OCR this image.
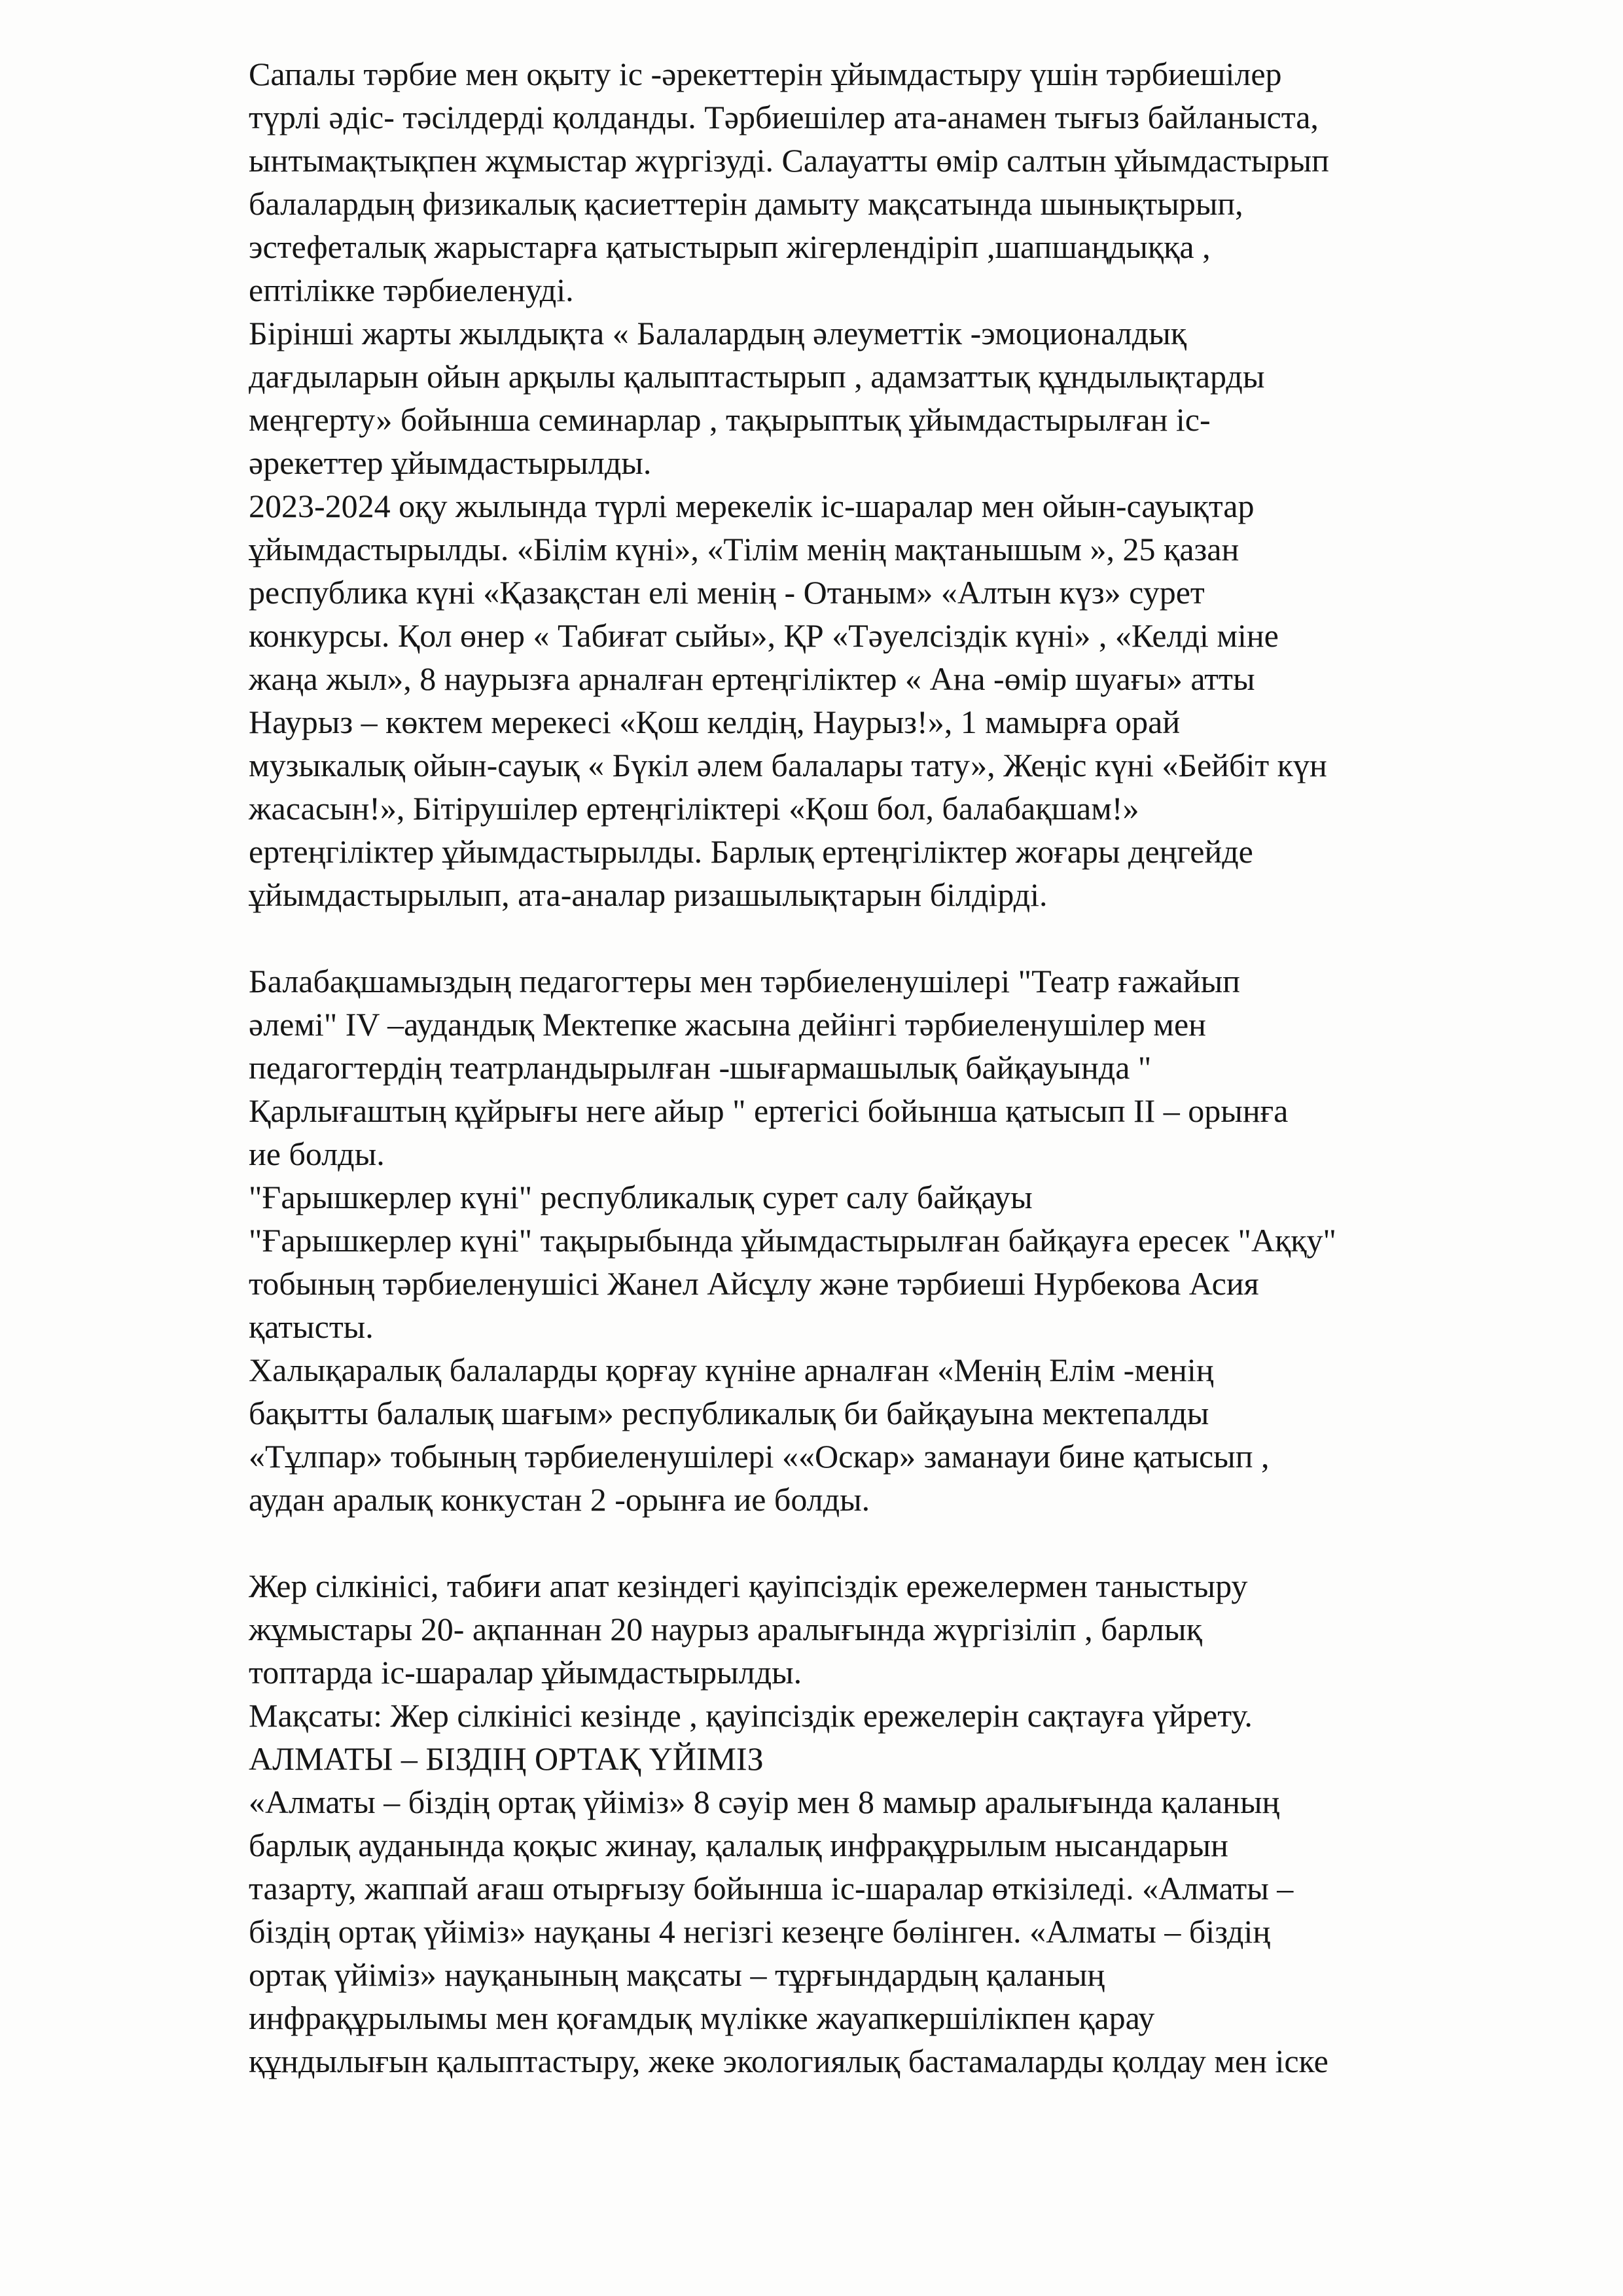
Сапалы тәрбие мен оқыту іс -әрекеттерін ұйымдастыру үшін тәрбиешілер
түрлі әдіс- тәсілдерді қолданды. Тәрбиешілер ата-анамен тығыз байланыста,
ынтымақтықпен жұмыстар жүргізуді. Салауатты өмір салтын ұйымдастырып
балалардың физикалық қасиеттерін дамыту мақсатында шынықтырып,
эстефеталық жарыстарға қатыстырып жігерлендіріп ,шапшаңдыққа ,
ептілікке тәрбиеленуді.
Бірінші жарты жылдықта « Балалардың әлеуметтік -эмоционалдық
дағдыларын ойын арқылы қалыптастырып , адамзаттық құндылықтарды
меңгерту» бойынша семинарлар , тақырыптық ұйымдастырылған іс-
әрекеттер ұйымдастырылды.
2023-2024 оқу жылында түрлі мерекелік іс-шаралар мен ойын-сауықтар
ұйымдастырылды. «Білім күні», «Тілім менің мақтанышым », 25 қазан
республика күні «Қазақстан елі менің - Отаным» «Алтын күз» сурет
конкурсы. Қол өнер « Табиғат сыйы», ҚР «Тәуелсіздік күні» , «Келді міне
жаңа жыл», 8 наурызға арналған ертеңгіліктер « Ана -өмір шуағы» атты
Наурыз – көктем мерекесі «Қош келдің, Наурыз!», 1 мамырға орай
музыкалық ойын-сауық « Бүкіл әлем балалары тату», Жеңіс күні «Бейбіт күн
жасасын!», Бітірушілер ертеңгіліктері «Қош бол, балабақшам!»
ертеңгіліктер ұйымдастырылды. Барлық ертеңгіліктер жоғары деңгейде
ұйымдастырылып, ата-аналар ризашылықтарын білдірді.
Балабақшамыздың педагогтеры мен тәрбиеленушілері "Театр ғажайып
әлемі" IV –аудандық Мектепке жасына дейінгі тәрбиеленушілер мен
педагогтердің театрландырылған -шығармашылық байқауында "
Қарлығаштың құйрығы неге айыр " ертегісі бойынша қатысып II – орынға
ие болды.
"Ғарышкерлер күні" республикалық сурет салу байқауы
"Ғарышкерлер күні" тақырыбында ұйымдастырылған байқауға ересек "Аққу"
тобының тәрбиеленушісі Жанел Айсұлу және тәрбиеші Нурбекова Асия
қатысты.
Халықаралық балаларды қорғау күніне арналған «Менің Елім -менің
бақытты балалық шағым» республикалық би байқауына мектепалды
«Тұлпар» тобының тәрбиеленушілері ««Оскар» заманауи бине қатысып ,
аудан аралық конкустан 2 -орынға ие болды.
Жер сілкінісі, табиғи апат кезіндегі қауіпсіздік ережелермен таныстыру
жұмыстары 20- ақпаннан 20 наурыз аралығында жүргізіліп , барлық
топтарда іс-шаралар ұйымдастырылды.
Мақсаты: Жер сілкінісі кезінде , қауіпсіздік ережелерін сақтауға үйрету.
АЛМАТЫ – БІЗДІҢ ОРТАҚ ҮЙІМІЗ
«Алматы – біздің ортақ үйіміз» 8 сәуір мен 8 мамыр аралығында қаланың
барлық ауданында қоқыс жинау, қалалық инфрақұрылым нысандарын
тазарту, жаппай ағаш отырғызу бойынша іс-шаралар өткізіледі. «Алматы –
біздің ортақ үйіміз» науқаны 4 негізгі кезеңге бөлінген. «Алматы – біздің
ортақ үйіміз» науқанының мақсаты – тұрғындардың қаланың
инфрақұрылымы мен қоғамдық мүлікке жауапкершілікпен қарау
құндылығын қалыптастыру, жеке экологиялық бастамаларды қолдау мен іске
